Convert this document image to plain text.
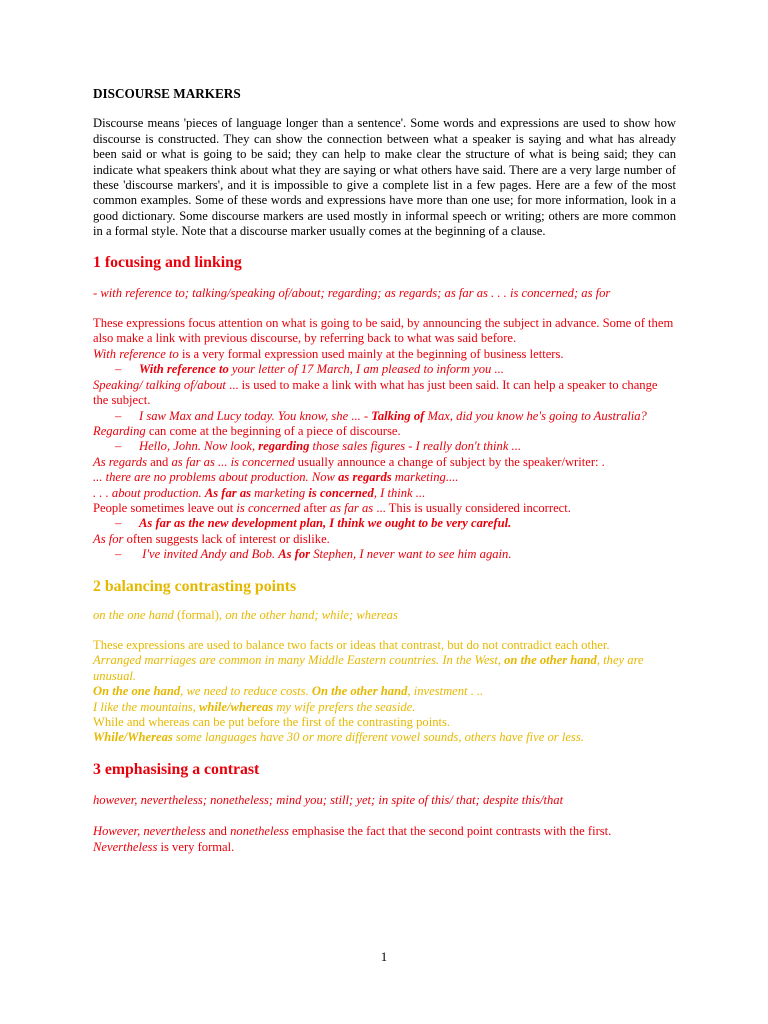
DISCOURSE MARKERS

Discourse means 'pieces of language longer than a sentence'. Some words and expressions are used to show how discourse is constructed. They can show the connection between what a speaker is saying and what has already been said or what is going to be said; they can help to make clear the structure of what is being said; they can indicate what speakers think about what they are saying or what others have said. There are a very large number of these 'discourse markers', and it is impossible to give a complete list in a few pages. Here are a few of the most common examples. Some of these words and expressions have more than one use; for more information, look in a good dictionary. Some discourse markers are used mostly in informal speech or writing; others are more common in a formal style. Note that a discourse marker usually comes at the beginning of a clause.

1 focusing and linking

- with reference to; talking/speaking of/about; regarding; as regards; as far as . . . is concerned; as for

These expressions focus attention on what is going to be said, by announcing the subject in advance. Some of them also make a link with previous discourse, by referring back to what was said before.

With reference to is a very formal expression used mainly at the beginning of business letters.

– With reference to your letter of 17 March, I am pleased to inform you ...

Speaking/ talking of/about ... is used to make a link with what has just been said. It can help a speaker to change the subject.

– I saw Max and Lucy today. You know, she ... - Talking of Max, did you know he's going to Australia?

Regarding can come at the beginning of a piece of discourse.

– Hello, John. Now look, regarding those sales figures - I really don't think ...

As regards and as far as ... is concerned usually announce a change of subject by the speaker/writer: .

... there are no problems about production. Now as regards marketing....

. . . about production. As far as marketing is concerned, I think ...

People sometimes leave out is concerned after as far as ... This is usually considered incorrect.

– As far as the new development plan, I think we ought to be very careful.

As for often suggests lack of interest or dislike.

– I've invited Andy and Bob. As for Stephen, I never want to see him again.

2 balancing contrasting points

on the one hand (formal), on the other hand; while; whereas

These expressions are used to balance two facts or ideas that contrast, but do not contradict each other.

Arranged marriages are common in many Middle Eastern countries. In the West, on the other hand, they are unusual.

On the one hand, we need to reduce costs. On the other hand, investment . ..

I like the mountains, while/whereas my wife prefers the seaside.

While and whereas can be put before the first of the contrasting points.

While/Whereas some languages have 30 or more different vowel sounds, others have five or less.

3 emphasising a contrast

however, nevertheless; nonetheless; mind you; still; yet; in spite of this/ that; despite this/that

However, nevertheless and nonetheless emphasise the fact that the second point contrasts with the first. Nevertheless is very formal.

1
